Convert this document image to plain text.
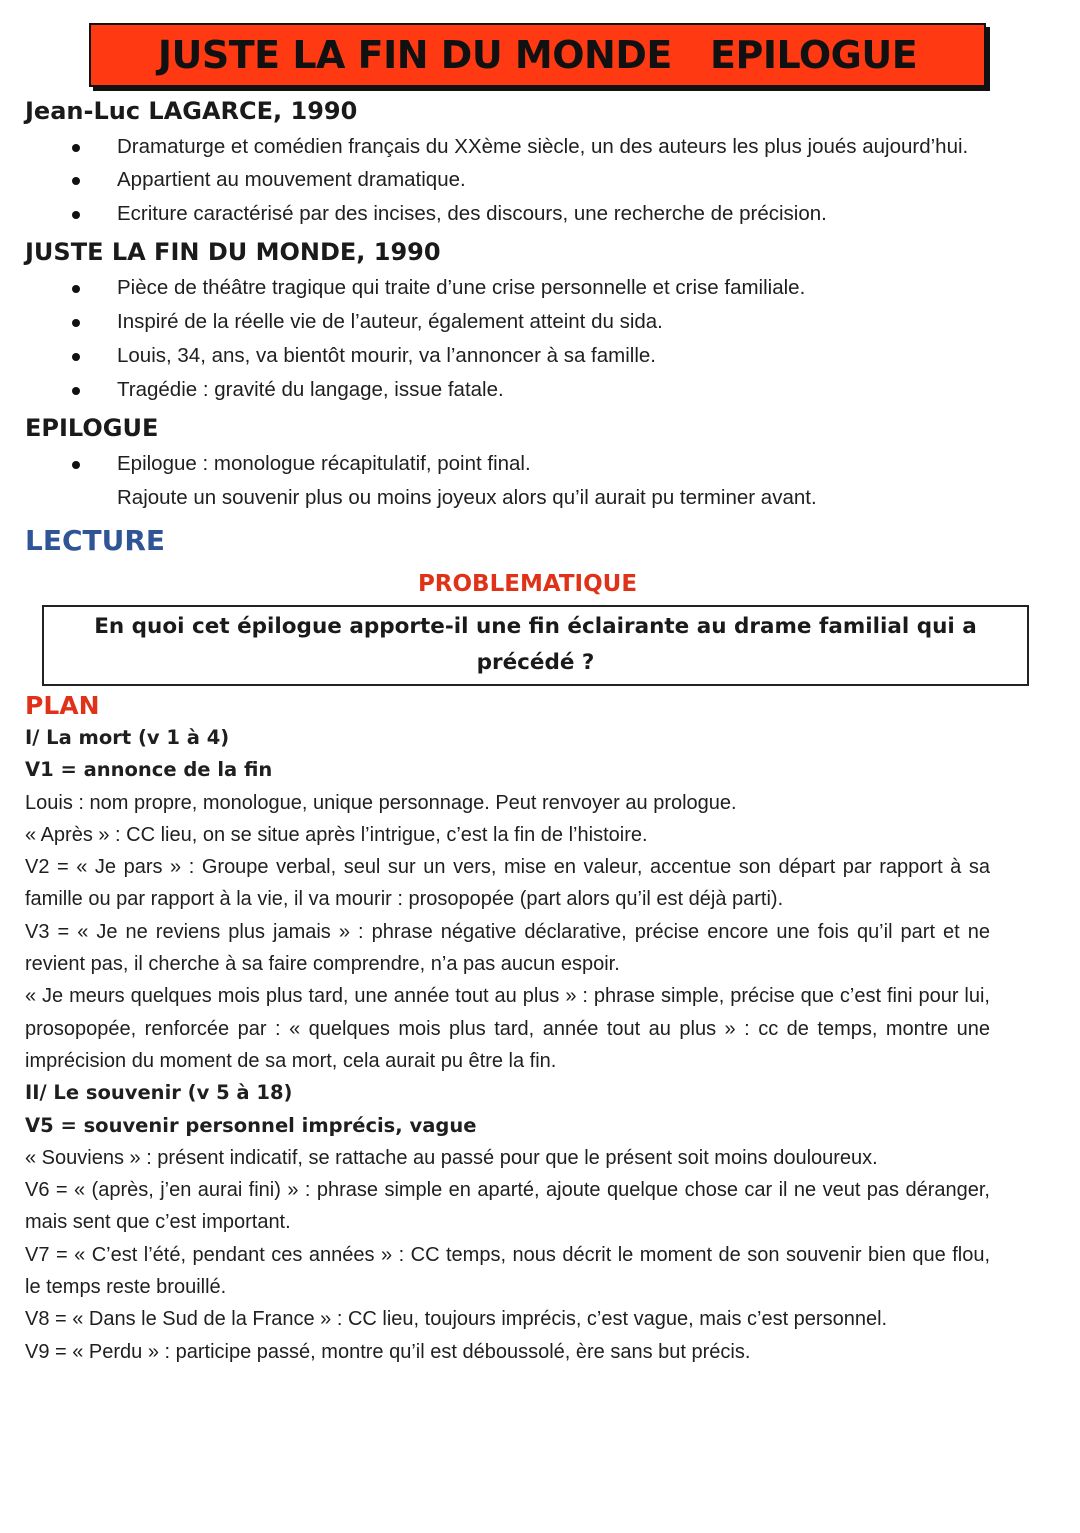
JUSTE LA FIN DU MONDE   EPILOGUE
Jean-Luc LAGARCE, 1990
Dramaturge et comédien français du XXème siècle, un des auteurs les plus joués aujourd’hui.
Appartient au mouvement dramatique.
Ecriture caractérisé par des incises, des discours, une recherche de précision.
JUSTE LA FIN DU MONDE, 1990
Pièce de théâtre tragique qui traite d’une crise personnelle et crise familiale.
Inspiré de la réelle vie de l’auteur, également atteint du sida.
Louis, 34, ans, va bientôt mourir, va l’annoncer à sa famille.
Tragédie : gravité du langage, issue fatale.
EPILOGUE
Epilogue : monologue récapitulatif, point final.
Rajoute un souvenir plus ou moins joyeux alors qu’il aurait pu terminer avant.
LECTURE
PROBLEMATIQUE
En quoi cet épilogue apporte-il une fin éclairante au drame familial qui a précédé ?
PLAN

I/ La mort (v 1 à 4)

V1 = annonce de la fin

Louis : nom propre, monologue, unique personnage. Peut renvoyer au prologue.

« Après » : CC lieu, on se situe après l’intrigue, c’est la fin de l’histoire.

V2 = « Je pars » : Groupe verbal, seul sur un vers, mise en valeur, accentue son départ par rapport à sa famille ou par rapport à la vie, il va mourir : prosopopée (part alors qu’il est déjà parti).

V3 = « Je ne reviens plus jamais » : phrase négative déclarative, précise encore une fois qu’il part et ne revient pas, il cherche à sa faire comprendre, n’a pas aucun espoir.

« Je meurs quelques mois plus tard, une année tout au plus » : phrase simple, précise que c’est fini pour lui, prosopopée, renforcée par : « quelques mois plus tard, année tout au plus » : cc de temps, montre une imprécision du moment de sa mort, cela aurait pu être la fin.

II/ Le souvenir (v 5 à 18)

V5 = souvenir personnel imprécis, vague

« Souviens » : présent indicatif, se rattache au passé pour que le présent soit moins douloureux.

V6 = « (après, j’en aurai fini) » : phrase simple en aparté, ajoute quelque chose car il ne veut pas déranger, mais sent que c’est important.

V7 = « C’est l’été, pendant ces années » : CC temps, nous décrit le moment de son souvenir bien que flou, le temps reste brouillé.

V8 = « Dans le Sud de la France » : CC lieu, toujours imprécis, c’est vague, mais c’est personnel.

V9 = « Perdu » : participe passé, montre qu’il est déboussolé, ère sans but précis.
